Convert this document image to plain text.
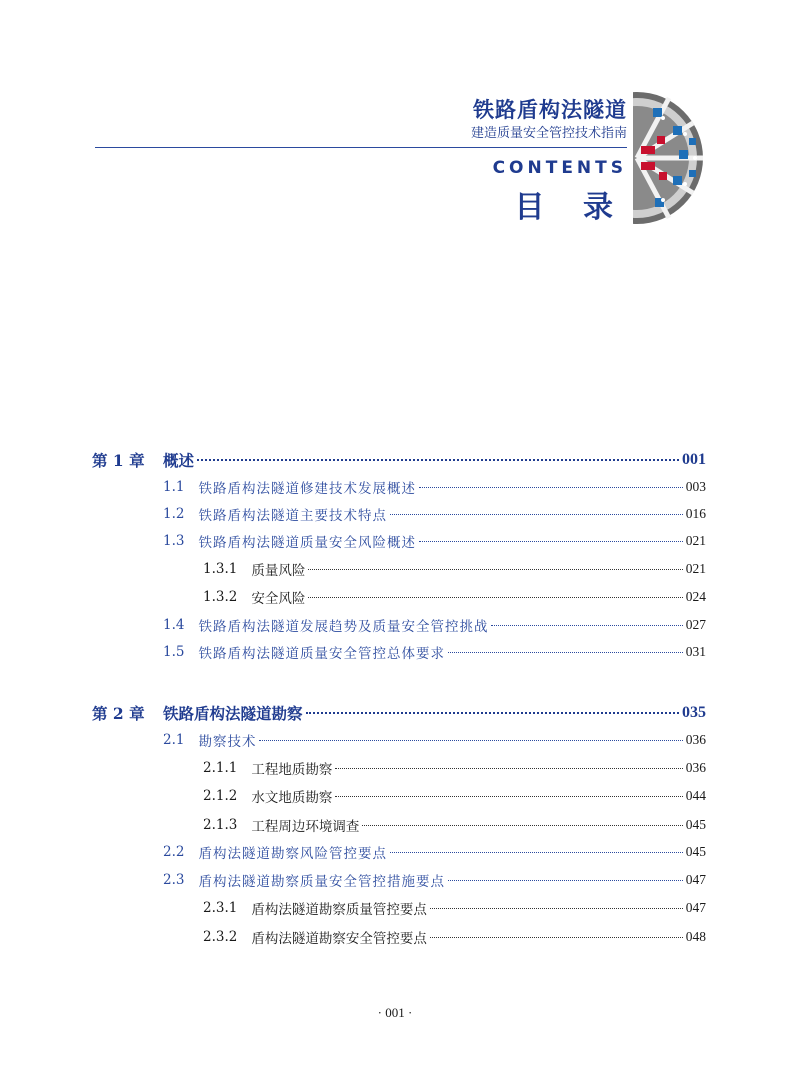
铁路盾构法隧道
建造质量安全管控技术指南
CONTENTS
目 录
第 1 章 概述	001
1.1	铁路盾构法隧道修建技术发展概述	003
1.2	铁路盾构法隧道主要技术特点	016
1.3	铁路盾构法隧道质量安全风险概述	021
1.3.1	质量风险	021
1.3.2	安全风险	024
1.4	铁路盾构法隧道发展趋势及质量安全管控挑战	027
1.5	铁路盾构法隧道质量安全管控总体要求	031
第 2 章 铁路盾构法隧道勘察	035
2.1	勘察技术	036
2.1.1	工程地质勘察	036
2.1.2	水文地质勘察	044
2.1.3	工程周边环境调查	045
2.2	盾构法隧道勘察风险管控要点	045
2.3	盾构法隧道勘察质量安全管控措施要点	047
2.3.1	盾构法隧道勘察质量管控要点	047
2.3.2	盾构法隧道勘察安全管控要点	048
· 001 ·
